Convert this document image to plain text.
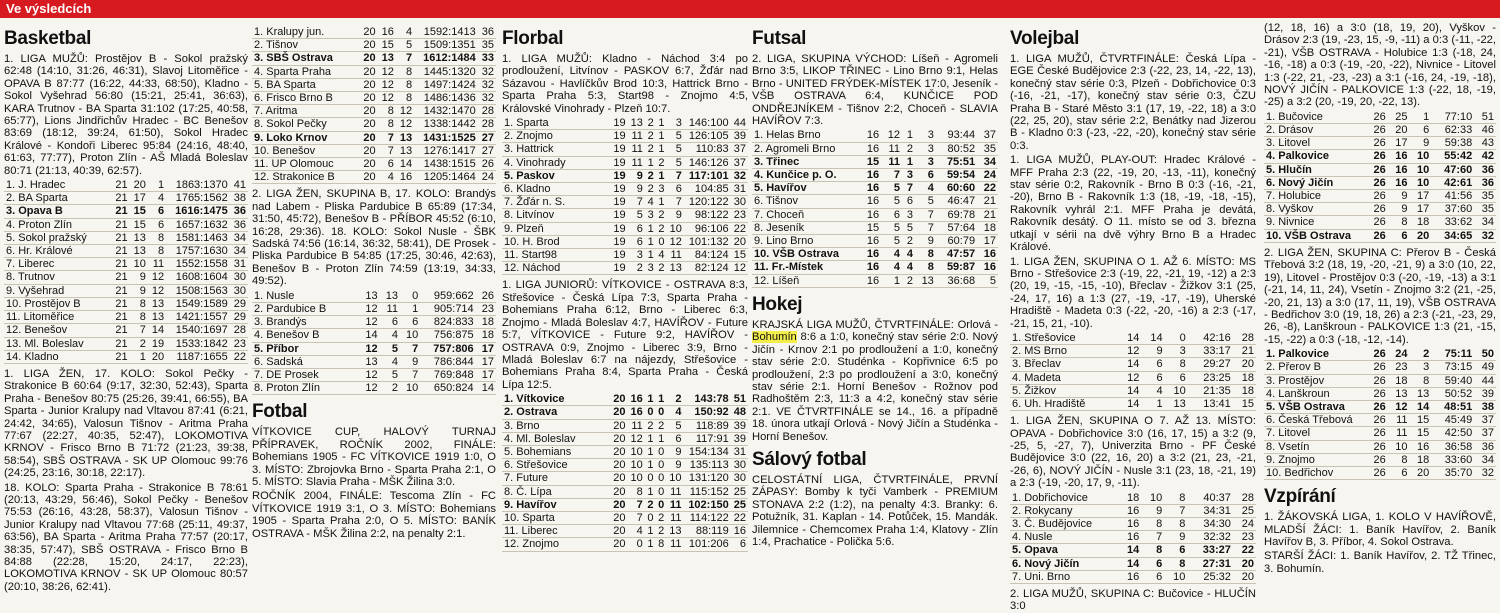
Ve výsledcích
Basketbal

1. LIGA MUŽŮ: Prostějov B - Sokol pražský 62:48 (14:10, 31:26, 46:31), Slavoj Litoměřice - OPAVA B 87:77 (16:22, 44:33, 68:50), Kladno - Sokol Vyšehrad 56:80 (15:21, 25:41, 36:63), KARA Trutnov - BA Sparta 31:102 (17:25, 40:58, 65:77), Lions Jindřichův Hradec - BC Benešov 83:69 (18:12, 39:24, 61:50), Sokol Hradec Králové - Kondoři Liberec 95:84 (24:16, 48:40, 61:63, 77:77), Proton Zlín - AŠ Mladá Boleslav 80:71 (21:13, 40:39, 62:57).

1. J. Hradec	21	20	1	1863:1370	41
2. BA Sparta	21	17	4	1765:1562	38
3. Opava B	21	15	6	1616:1475	36
4. Proton Zlín	21	15	6	1657:1632	36
5. Sokol pražský	21	13	8	1581:1463	34
6. Hr. Králové	21	13	8	1757:1630	34
7. Liberec	21	10	11	1552:1558	31
8. Trutnov	21	9	12	1608:1604	30
9. Vyšehrad	21	9	12	1508:1563	30
10. Prostějov B	21	8	13	1549:1589	29
11. Litoměřice	21	8	13	1421:1557	29
12. Benešov	21	7	14	1540:1697	28
13. Ml. Boleslav	21	2	19	1533:1842	23
14. Kladno	21	1	20	1187:1655	22

1. LIGA ŽEN, 17. KOLO: Sokol Pečky - Strakonice B 60:64 (9:17, 32:30, 52:43), Sparta Praha - Benešov 80:75 (25:26, 39:41, 66:55), BA Sparta - Junior Kralupy nad Vltavou 87:41 (6:21, 24:42, 34:65), Valosun Tišnov - Aritma Praha 77:67 (22:27, 40:35, 52:47), LOKOMOTIVA KRNOV - Frisco Brno B 71:72 (21:23, 39:38, 58:54), SBŠ OSTRAVA - SK UP Olomouc 99:76 (24:25, 23:16, 30:18, 22:17).

18. KOLO: Sparta Praha - Strakonice B 78:61 (20:13, 43:29, 56:46), Sokol Pečky - Benešov 75:53 (26:16, 43:28, 58:37), Valosun Tišnov - Junior Kralupy nad Vltavou 77:68 (25:11, 49:37, 63:56), BA Sparta - Aritma Praha 77:57 (20:17, 38:35, 57:47), SBŠ OSTRAVA - Frisco Brno B 84:88 (22:28, 15:20, 24:17, 22:23), LOKOMOTIVA KRNOV - SK UP Olomouc 80:57 (20:10, 38:26, 62:41).

1. Kralupy jun.	20	16	4	1592:1413	36
2. Tišnov	20	15	5	1509:1351	35
3. SBŠ Ostrava	20	13	7	1612:1484	33
4. Sparta Praha	20	12	8	1445:1320	32
5. BA Sparta	20	12	8	1497:1424	32
6. Frisco Brno B	20	12	8	1486:1436	32
7. Aritma	20	8	12	1432:1470	28
8. Sokol Pečky	20	8	12	1338:1442	28
9. Loko Krnov	20	7	13	1431:1525	27
10. Benešov	20	7	13	1276:1417	27
11. UP Olomouc	20	6	14	1438:1515	26
12. Strakonice B	20	4	16	1205:1464	24

2. LIGA ŽEN, SKUPINA B, 17. KOLO: Brandýs nad Labem - Pliska Pardubice B 65:89 (17:34, 31:50, 45:72), Benešov B - PŘÍBOR 45:52 (6:10, 16:28, 29:36). 18. KOLO: Sokol Nusle - ŠBK Sadská 74:56 (16:14, 36:32, 58:41), DE Prosek - Pliska Pardubice B 54:85 (17:25, 30:46, 42:63), Benešov B - Proton Zlín 74:59 (13:19, 34:33, 49:52).

1. Nusle	13	13	0	959:662	26
2. Pardubice B	12	11	1	905:714	23
3. Brandýs	12	6	6	824:833	18
4. Benešov B	14	4	10	756:875	18
5. Příbor	12	5	7	757:806	17
6. Sadská	13	4	9	786:844	17
7. DE Prosek	12	5	7	769:848	17
8. Proton Zlín	12	2	10	650:824	14
Fotbal

VÍTKOVICE CUP, HALOVÝ TURNAJ PŘÍPRAVEK, ROČNÍK 2002, FINÁLE: Bohemians 1905 - FC VÍTKOVICE 1919 1:0, O 3. MÍSTO: Zbrojovka Brno - Sparta Praha 2:1, O 5. MÍSTO: Slavia Praha - MŠK Žilina 3:0.

ROČNÍK 2004, FINÁLE: Tescoma Zlín - FC VÍTKOVICE 1919 3:1, O 3. MÍSTO: Bohemians 1905 - Sparta Praha 2:0, O 5. MÍSTO: BANÍK OSTRAVA - MŠK Žilina 2:2, na penalty 2:1.

Florbal

1. LIGA MUŽŮ: Kladno - Náchod 3:4 po prodloužení, Litvínov - PASKOV 6:7, Žďár nad Sázavou - Havlíčkův Brod 10:3, Hattrick Brno - Sparta Praha 5:3, Start98 - Znojmo 4:5, Královské Vinohrady - Plzeň 10:7.

1. Sparta	19	13	2	1	3	146:100	44
2. Znojmo	19	11	2	1	5	126:105	39
3. Hattrick	19	11	2	1	5	110:83	37
4. Vinohrady	19	11	1	2	5	146:126	37
5. Paskov	19	9	2	1	7	117:101	32
6. Kladno	19	9	2	3	6	104:85	31
7. Žďár n. S.	19	7	4	1	7	120:122	30
8. Litvínov	19	5	3	2	9	98:122	23
9. Plzeň	19	6	1	2	10	96:106	22
10. H. Brod	19	6	1	0	12	101:132	20
11. Start98	19	3	1	4	11	84:124	15
12. Náchod	19	2	3	2	13	82:124	12

1. LIGA JUNIORŮ: VÍTKOVICE - OSTRAVA 8:3, Střešovice - Česká Lípa 7:3, Sparta Praha - Bohemians Praha 6:12, Brno - Liberec 6:3, Znojmo - Mladá Boleslav 4:7, HAVÍŘOV - Future 5:7, VÍTKOVICE - Future 9:2, HAVÍŘOV - OSTRAVA 0:9, Znojmo - Liberec 3:9, Brno - Mladá Boleslav 6:7 na nájezdy, Střešovice - Bohemians Praha 8:4, Sparta Praha - Česká Lípa 12:5.

1. Vítkovice	20	16	1	1	2	143:78	51
2. Ostrava	20	16	0	0	4	150:92	48
3. Brno	20	11	2	2	5	118:89	39
4. Ml. Boleslav	20	12	1	1	6	117:91	39
5. Bohemians	20	10	1	0	9	154:134	31
6. Střešovice	20	10	1	0	9	135:113	30
7. Future	20	10	0	0	10	131:120	30
8. Č. Lípa	20	8	1	0	11	115:152	25
9. Havířov	20	7	2	0	11	102:150	25
10. Sparta	20	7	0	2	11	114:122	22
11. Liberec	20	4	1	2	13	88:119	16
12. Znojmo	20	0	1	8	11	101:206	6
Futsal

2. LIGA, SKUPINA VÝCHOD: Líšeň - Agromeli Brno 3:5, LIKOP TŘINEC - Lino Brno 9:1, Helas Brno - UNITED FRÝDEK-MÍSTEK 17:0, Jeseník - VŠB OSTRAVA 6:4, KUNČICE POD ONDŘEJNÍKEM - Tišnov 2:2, Choceň - SLAVIA HAVÍŘOV 7:3.

1. Helas Brno	16	12	1	3	93:44	37
2. Agromeli Brno	16	11	2	3	80:52	35
3. Třinec	15	11	1	3	75:51	34
4. Kunčice p. O.	16	7	3	6	59:54	24
5. Havířov	16	5	7	4	60:60	22
6. Tišnov	16	5	6	5	46:47	21
7. Choceň	16	6	3	7	69:78	21
8. Jeseník	15	5	5	7	57:64	18
9. Lino Brno	16	5	2	9	60:79	17
10. VŠB Ostrava	16	4	4	8	47:57	16
11. Fr.-Místek	16	4	4	8	59:87	16
12. Líšeň	16	1	2	13	36:68	5
Hokej

KRAJSKÁ LIGA MUŽŮ, ČTVRTFINÁLE: Orlová - Bohumín 8:6 a 1:0, konečný stav série 2:0. Nový Jičín - Krnov 2:1 po prodloužení a 1:0, konečný stav série 2:0. Studénka - Kopřivnice 6:5 po prodloužení, 2:3 po prodloužení a 3:0, konečný stav série 2:1. Horní Benešov - Rožnov pod Radhoštěm 2:3, 11:3 a 4:2, konečný stav série 2:1. VE ČTVRTFINÁLE se 14., 16. a případně 18. února utkají Orlová - Nový Jičín a Studénka - Horní Benešov.

Sálový fotbal

CELOSTÁTNÍ LIGA, ČTVRTFINÁLE, PRVNÍ ZÁPASY: Bomby k tyči Vamberk - PREMIUM STONAVA 2:2 (1:2), na penalty 4:3. Branky: 6. Potužník, 31. Kaplan - 14. Potůček, 15. Mandák. Jilemnice - Chemcomex Praha 1:4, Klatovy - Zlín 1:4, Prachatice - Polička 5:6.

Volejbal

1. LIGA MUŽŮ, ČTVRTFINÁLE: Česká Lípa - EGE České Budějovice 2:3 (-22, 23, 14, -22, 13), konečný stav série 0:3, Plzeň - Dobřichovice 0:3 (-16, -21, -17), konečný stav série 0:3, ČZU Praha B - Staré Město 3:1 (17, 19, -22, 18) a 3:0 (22, 25, 20), stav série 2:2, Benátky nad Jizerou B - Kladno 0:3 (-23, -22, -20), konečný stav série 0:3.

1. LIGA MUŽŮ, PLAY-OUT: Hradec Králové - MFF Praha 2:3 (22, -19, 20, -13, -11), konečný stav série 0:2, Rakovník - Brno B 0:3 (-16, -21, -20), Brno B - Rakovník 1:3 (18, -19, -18, -15), Rakovník vyhrál 2:1. MFF Praha je devátá, Rakovník desátý. O 11. místo se od 3. března utkají v sérii na dvě výhry Brno B a Hradec Králové.

1. LIGA ŽEN, SKUPINA O 1. AŽ 6. MÍSTO: MS Brno - Střešovice 2:3 (-19, 22, -21, 19, -12) a 2:3 (20, 19, -15, -15, -10), Břeclav - Žižkov 3:1 (25, -24, 17, 16) a 1:3 (27, -19, -17, -19), Uherské Hradiště - Madeta 0:3 (-22, -20, -16) a 2:3 (-17, -21, 15, 21, -10).

1. Střešovice	14	14	0	42:16	28
2. MS Brno	12	9	3	33:17	21
3. Břeclav	14	6	8	29:27	20
4. Madeta	12	6	6	23:25	18
5. Žižkov	14	4	10	21:35	18
6. Uh. Hradiště	14	1	13	13:41	15

1. LIGA ŽEN, SKUPINA O 7. AŽ 13. MÍSTO: OPAVA - Dobřichovice 3:0 (16, 17, 15) a 3:2 (9, -25, 5, -27, 7), Univerzita Brno - PF České Budějovice 3:0 (22, 16, 20) a 3:2 (21, 23, -21, -26, 6), NOVÝ JIČÍN - Nusle 3:1 (23, 18, -21, 19) a 2:3 (-19, -20, 17, 9, -11).

1. Dobřichovice	18	10	8	40:37	28
2. Rokycany	16	9	7	34:31	25
3. Č. Budějovice	16	8	8	34:30	24
4. Nusle	16	7	9	32:32	23
5. Opava	14	8	6	33:27	22
6. Nový Jičín	14	6	8	27:31	20
7. Uni. Brno	16	6	10	25:32	20

2. LIGA MUŽŮ, SKUPINA C: Bučovice - HLUČÍN 3:0

(12, 18, 16) a 3:0 (18, 19, 20), Vyškov - Drásov 2:3 (19, -23, 15, -9, -11) a 0:3 (-11, -22, -21), VŠB OSTRAVA - Holubice 1:3 (-18, 24, -16, -18) a 0:3 (-19, -20, -22), Nivnice - Litovel 1:3 (-22, 21, -23, -23) a 3:1 (-16, 24, -19, -18), NOVÝ JIČÍN - PALKOVICE 1:3 (-22, 18, -19, -25) a 3:2 (20, -19, 20, -22, 13).

1. Bučovice	26	25	1	77:10	51
2. Drásov	26	20	6	62:33	46
3. Litovel	26	17	9	59:38	43
4. Palkovice	26	16	10	55:42	42
5. Hlučín	26	16	10	47:60	36
6. Nový Jičín	26	16	10	42:61	36
7. Holubice	26	9	17	41:56	35
8. Vyškov	26	9	17	37:60	35
9. Nivnice	26	8	18	33:62	34
10. VŠB Ostrava	26	6	20	34:65	32

2. LIGA ŽEN, SKUPINA C: Přerov B - Česká Třebová 3:2 (18, 19, -20, -21, 9) a 3:0 (10, 22, 19), Litovel - Prostějov 0:3 (-20, -19, -13) a 3:1 (-21, 14, 11, 24), Vsetín - Znojmo 3:2 (21, -25, -20, 21, 13) a 3:0 (17, 11, 19), VŠB OSTRAVA - Bedřichov 3:0 (19, 18, 26) a 2:3 (-21, -23, 29, 26, -8), Lanškroun - PALKOVICE 1:3 (21, -15, -15, -22) a 0:3 (-18, -12, -14).

1. Palkovice	26	24	2	75:11	50
2. Přerov B	26	23	3	73:15	49
3. Prostějov	26	18	8	59:40	44
4. Lanškroun	26	13	13	50:52	39
5. VŠB Ostrava	26	12	14	48:51	38
6. Česká Třebová	26	11	15	45:49	37
7. Litovel	26	11	15	42:50	37
8. Vsetín	26	10	16	36:58	36
9. Znojmo	26	8	18	33:60	34
10. Bedřichov	26	6	20	35:70	32
Vzpírání

1. ŽÁKOVSKÁ LIGA, 1. KOLO V HAVÍŘOVĚ, MLADŠÍ ŽÁCI: 1. Baník Havířov, 2. Baník Havířov B, 3. Příbor, 4. Sokol Ostrava.

STARŠÍ ŽÁCI: 1. Baník Havířov, 2. TŽ Třinec, 3. Bohumín.
